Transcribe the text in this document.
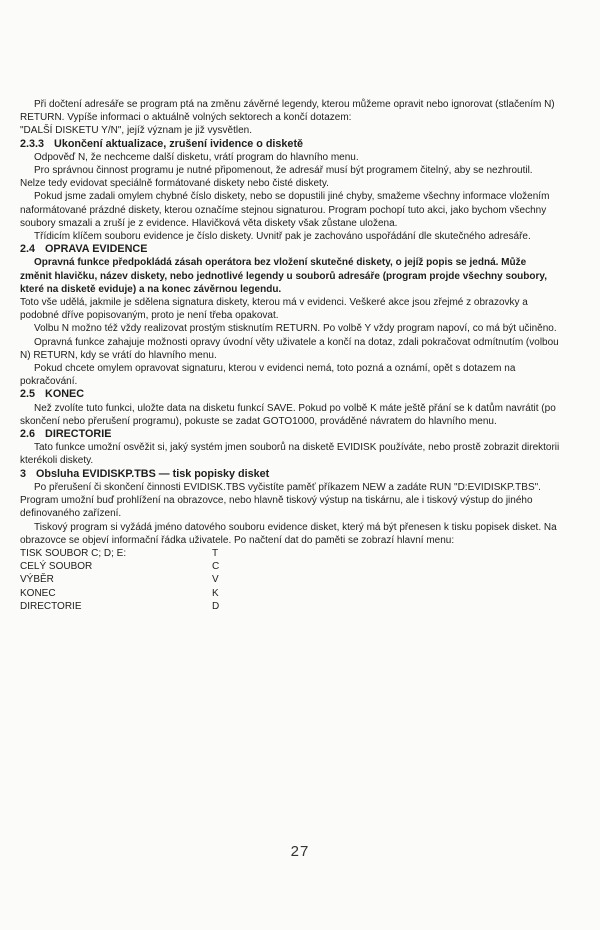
Při dočtení adresáře se program ptá na změnu závěrné legendy, kterou můžeme opravit nebo ignorovat (stlačením N) RETURN. Vypíše informaci o aktuálně volných sektorech a končí dotazem:

"DALŠÍ DISKETU Y/N", jejíž význam je již vysvětlen.

2.3.3 Ukončení aktualizace, zrušení ividence o disketě

Odpověď N, že nechceme další disketu, vrátí program do hlavního menu.

Pro správnou činnost programu je nutné připomenout, že adresář musí být programem čitelný, aby se nezhroutil. Nelze tedy evidovat speciálně formátované diskety nebo čisté diskety.

Pokud jsme zadali omylem chybné číslo diskety, nebo se dopustili jiné chyby, smažeme všechny informace vložením naformátované prázdné diskety, kterou označíme stejnou signaturou. Program pochopí tuto akci, jako bychom všechny soubory smazali a zruší je z evidence. Hlavičková věta diskety však zůstane uložena.

Třídicím klíčem souboru evidence je číslo diskety. Uvnitř pak je zachováno uspořádání dle skutečného adresáře.

2.4 OPRAVA EVIDENCE

Opravná funkce předpokládá zásah operátora bez vložení skutečné diskety, o jejíž popis se jedná. Může změnit hlavičku, název diskety, nebo jednotlivé legendy u souborů adresáře (program projde všechny soubory, které na disketě eviduje) a na konec závěrnou legendu.

Toto vše udělá, jakmile je sdělena signatura diskety, kterou má v evidenci. Veškeré akce jsou zřejmé z obrazovky a podobné dříve popisovaným, proto je není třeba opakovat.

Volbu N možno též vždy realizovat prostým stisknutím RETURN. Po volbě Y vždy program napoví, co má být učiněno.

Opravná funkce zahajuje možnosti opravy úvodní věty uživatele a končí na dotaz, zdali pokračovat odmítnutím (volbou N) RETURN, kdy se vrátí do hlavního menu.

Pokud chcete omylem opravovat signaturu, kterou v evidenci nemá, toto pozná a oznámí, opět s dotazem na pokračování.

2.5 KONEC

Než zvolíte tuto funkci, uložte data na disketu funkcí SAVE. Pokud po volbě K máte ještě přání se k datům navrátit (po skončení nebo přerušení programu), pokuste se zadat GOTO1000, prováděné návratem do hlavního menu.

2.6 DIRECTORIE

Tato funkce umožní osvěžit si, jaký systém jmen souborů na disketě EVIDISK používáte, nebo prostě zobrazit direktorii kterékoli diskety.

3 Obsluha EVIDISKP.TBS — tisk popisky disket

Po přerušení či skončení činnosti EVIDISK.TBS vyčistíte paměť příkazem NEW a zadáte RUN "D:EVIDISKP.TBS". Program umožní buď prohlížení na obrazovce, nebo hlavně tiskový výstup na tiskárnu, ale i tiskový výstup do jiného definovaného zařízení.

Tiskový program si vyžádá jméno datového souboru evidence disket, který má být přenesen k tisku popisek disket. Na obrazovce se objeví informační řádka uživatele. Po načtení dat do paměti se zobrazí hlavní menu:

TISK SOUBOR C; D; E:	T
CELÝ SOUBOR	C
VÝBĚR	V
KONEC	K
DIRECTORIE	D
27
